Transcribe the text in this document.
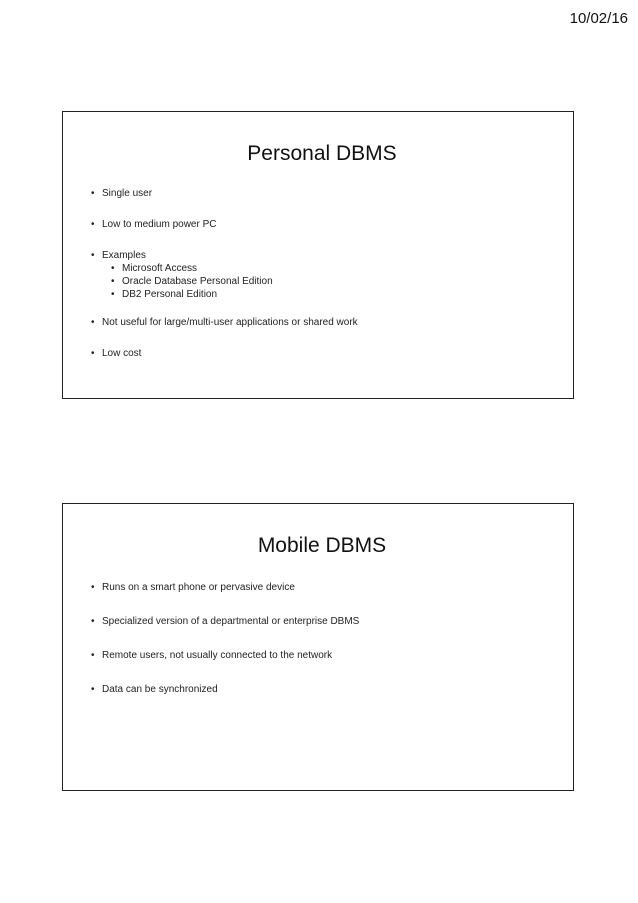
10/02/16
Personal DBMS
• Single user
• Low to medium power PC
• Examples
• Microsoft Access
• Oracle Database Personal Edition
• DB2 Personal Edition
• Not useful for large/multi-user applications or shared work
• Low cost
Mobile DBMS
• Runs on a smart phone or pervasive device
• Specialized version of a departmental or enterprise DBMS
• Remote users, not usually connected to the network
• Data can be synchronized
